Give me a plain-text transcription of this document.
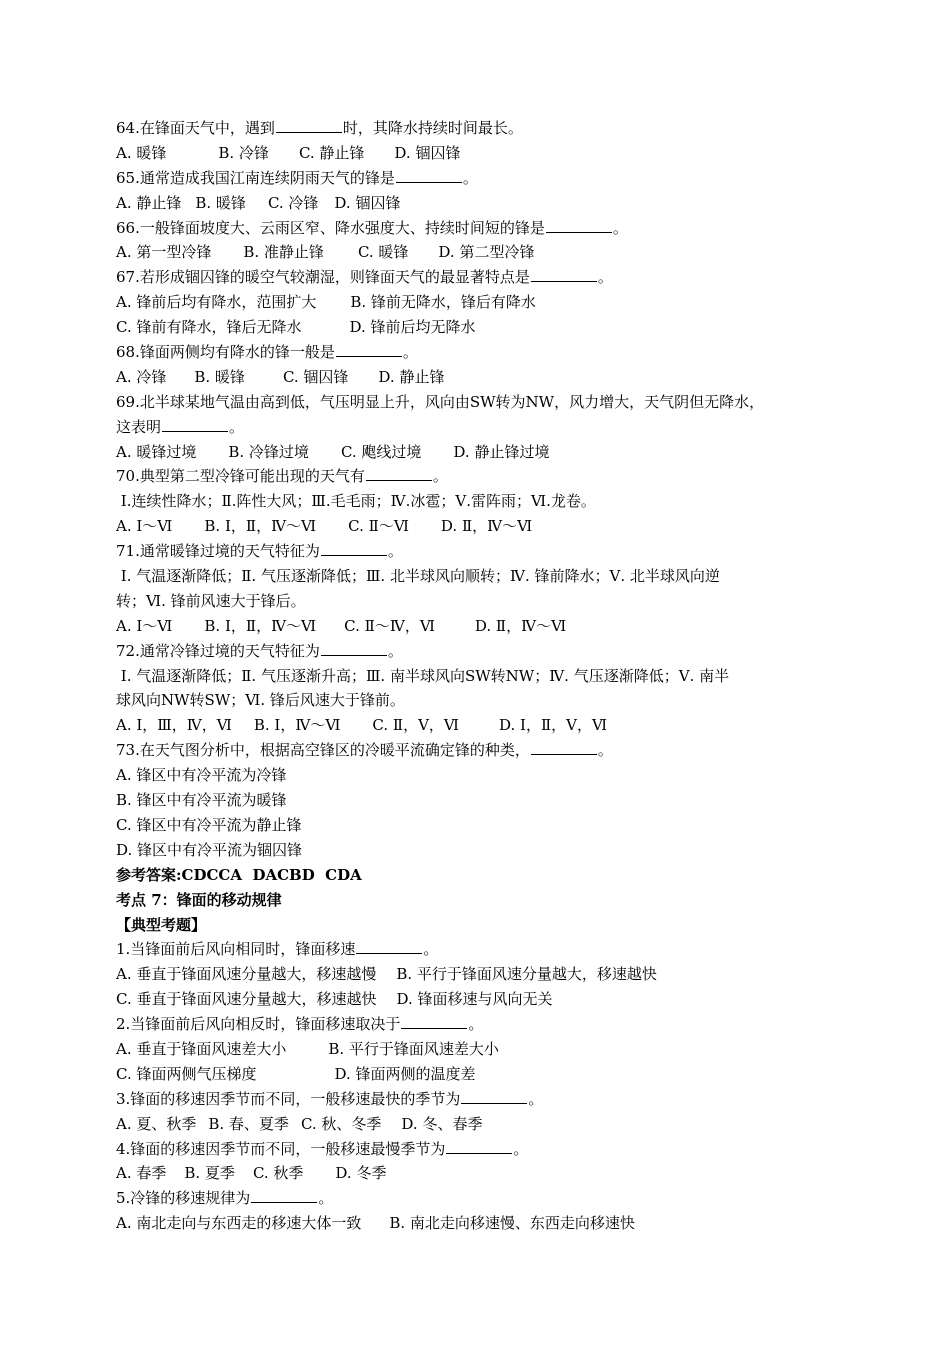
64.在锋面天气中，遇到	时，其降水持续时间最长。
A. 暖锋	B. 冷锋 C. 静止锋 D. 锢囚锋
65.通常造成我国江南连续阴雨天气的锋是	。
A. 静止锋 B. 暖锋 C. 冷锋 D. 锢囚锋
66.一般锋面坡度大、云雨区窄、降水强度大、持续时间短的锋是	。
A. 第一型冷锋 B. 准静止锋 C. 暖锋 D. 第二型冷锋
67.若形成锢囚锋的暖空气较潮湿，则锋面天气的最显著特点是	。
A. 锋前后均有降水，范围扩大 B. 锋前无降水，锋后有降水
C. 锋前有降水，锋后无降水	D. 锋前后均无降水
68.锋面两侧均有降水的锋一般是	。
A. 冷锋 B. 暖锋	C. 锢囚锋 D. 静止锋
69.北半球某地气温由高到低，气压明显上升，风向由SW转为NW，风力增大，天气阴但无降水，
这表明	。
A. 暖锋过境 B. 冷锋过境 C. 飑线过境 D. 静止锋过境
70.典型第二型冷锋可能出现的天气有	。
Ⅰ.连续性降水；Ⅱ.阵性大风；Ⅲ.毛毛雨；Ⅳ.冰雹；Ⅴ.雷阵雨；Ⅵ.龙卷。
A. Ⅰ～Ⅵ B. Ⅰ，Ⅱ，Ⅳ～Ⅵ C. Ⅱ～Ⅵ D. Ⅱ，Ⅳ～Ⅵ
71.通常暖锋过境的天气特征为	。
Ⅰ. 气温逐渐降低；Ⅱ. 气压逐渐降低；Ⅲ. 北半球风向顺转；Ⅳ. 锋前降水；Ⅴ. 北半球风向逆
转；Ⅵ. 锋前风速大于锋后。
A. Ⅰ～Ⅵ B. Ⅰ，Ⅱ，Ⅳ～Ⅵ C. Ⅱ～Ⅳ，Ⅵ	D. Ⅱ，Ⅳ～Ⅵ
72.通常冷锋过境的天气特征为	。
Ⅰ. 气温逐渐降低；Ⅱ. 气压逐渐升高；Ⅲ. 南半球风向SW转NW；Ⅳ. 气压逐渐降低；Ⅴ. 南半
球风向NW转SW；Ⅵ. 锋后风速大于锋前。
A. Ⅰ，Ⅲ，Ⅳ，Ⅵ B. Ⅰ，Ⅳ～Ⅵ C. Ⅱ，Ⅴ，Ⅵ	D. Ⅰ，Ⅱ，Ⅴ，Ⅵ
73.在天气图分析中，根据高空锋区的冷暖平流确定锋的种类，	。
A. 锋区中有冷平流为冷锋
B. 锋区中有冷平流为暖锋
C. 锋区中有冷平流为静止锋
D. 锋区中有冷平流为锢囚锋
参考答案:CDCCA  DACBD  CDA
考点 7：锋面的移动规律
【典型考题】
1.当锋面前后风向相同时，锋面移速	。
A. 垂直于锋面风速分量越大，移速越慢 B. 平行于锋面风速分量越大，移速越快
C. 垂直于锋面风速分量越大，移速越快 D. 锋面移速与风向无关
2.当锋面前后风向相反时，锋面移速取决于	。
A. 垂直于锋面风速差大小	B. 平行于锋面风速差大小
C. 锋面两侧气压梯度	D. 锋面两侧的温度差
3.锋面的移速因季节而不同，一般移速最快的季节为	。
A. 夏、秋季 B. 春、夏季 C. 秋、冬季 D. 冬、春季
4.锋面的移速因季节而不同，一般移速最慢季节为	。
A. 春季 B. 夏季 C. 秋季 D. 冬季
5.冷锋的移速规律为	。
A. 南北走向与东西走的移速大体一致 B. 南北走向移速慢、东西走向移速快
